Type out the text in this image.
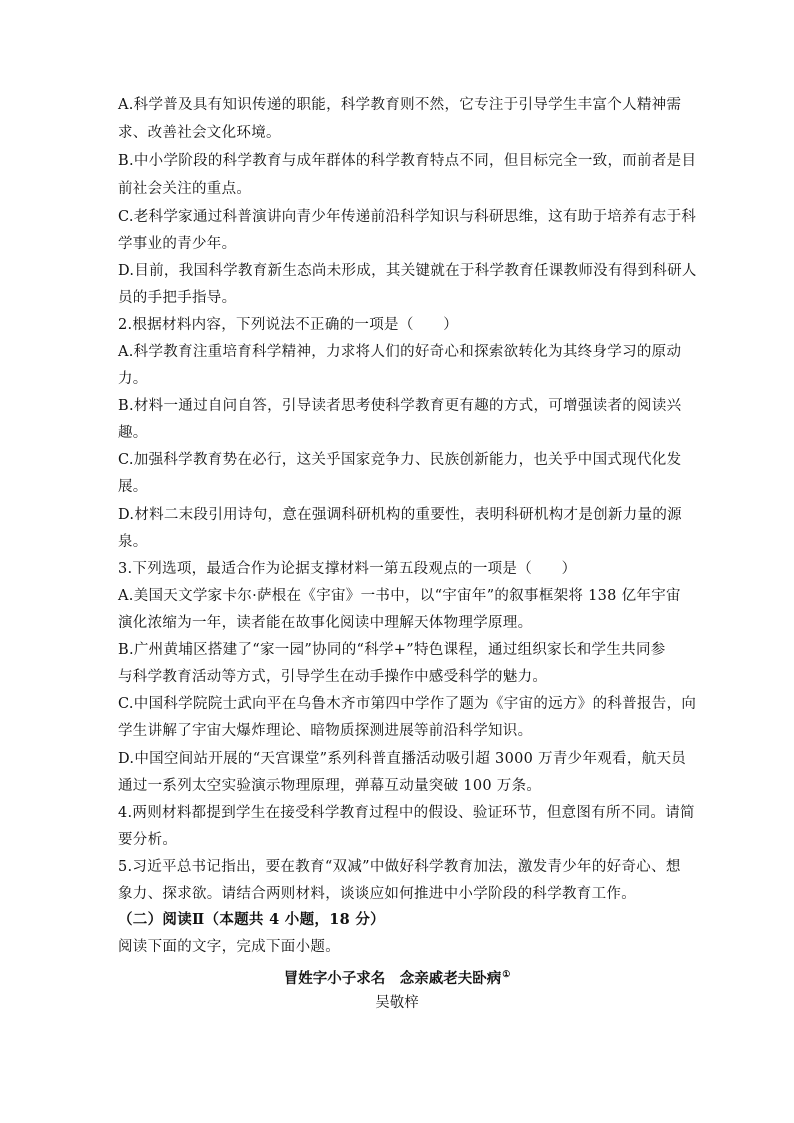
A.科学普及具有知识传递的职能，科学教育则不然，它专注于引导学生丰富个人精神需
求、改善社会文化环境。
B.中小学阶段的科学教育与成年群体的科学教育特点不同，但目标完全一致，而前者是目
前社会关注的重点。
C.老科学家通过科普演讲向青少年传递前沿科学知识与科研思维，这有助于培养有志于科
学事业的青少年。
D.目前，我国科学教育新生态尚未形成，其关键就在于科学教育任课教师没有得到科研人
员的手把手指导。
2.根据材料内容，下列说法不正确的一项是（　　）
A.科学教育注重培育科学精神，力求将人们的好奇心和探索欲转化为其终身学习的原动
力。
B.材料一通过自问自答，引导读者思考使科学教育更有趣的方式，可增强读者的阅读兴
趣。
C.加强科学教育势在必行，这关乎国家竞争力、民族创新能力，也关乎中国式现代化发
展。
D.材料二末段引用诗句，意在强调科研机构的重要性，表明科研机构才是创新力量的源
泉。
3.下列选项，最适合作为论据支撑材料一第五段观点的一项是（　　）
A.美国天文学家卡尔·萨根在《宇宙》一书中，以“宇宙年”的叙事框架将 138 亿年宇宙
演化浓缩为一年，读者能在故事化阅读中理解天体物理学原理。
B.广州黄埔区搭建了“家一园”协同的“科学+”特色课程，通过组织家长和学生共同参
与科学教育活动等方式，引导学生在动手操作中感受科学的魅力。
C.中国科学院院士武向平在乌鲁木齐市第四中学作了题为《宇宙的远方》的科普报告，向
学生讲解了宇宙大爆炸理论、暗物质探测进展等前沿科学知识。
D.中国空间站开展的“天宫课堂”系列科普直播活动吸引超 3000 万青少年观看，航天员
通过一系列太空实验演示物理原理，弹幕互动量突破 100 万条。
4.两则材料都提到学生在接受科学教育过程中的假设、验证环节，但意图有所不同。请简
要分析。
5.习近平总书记指出，要在教育“双减”中做好科学教育加法，激发青少年的好奇心、想
象力、探求欲。请结合两则材料，谈谈应如何推进中小学阶段的科学教育工作。
（二）阅读Ⅱ（本题共 4 小题，18 分）
阅读下面的文字，完成下面小题。
冒姓字小子求名　念亲戚老夫卧病①
吴敬梓
